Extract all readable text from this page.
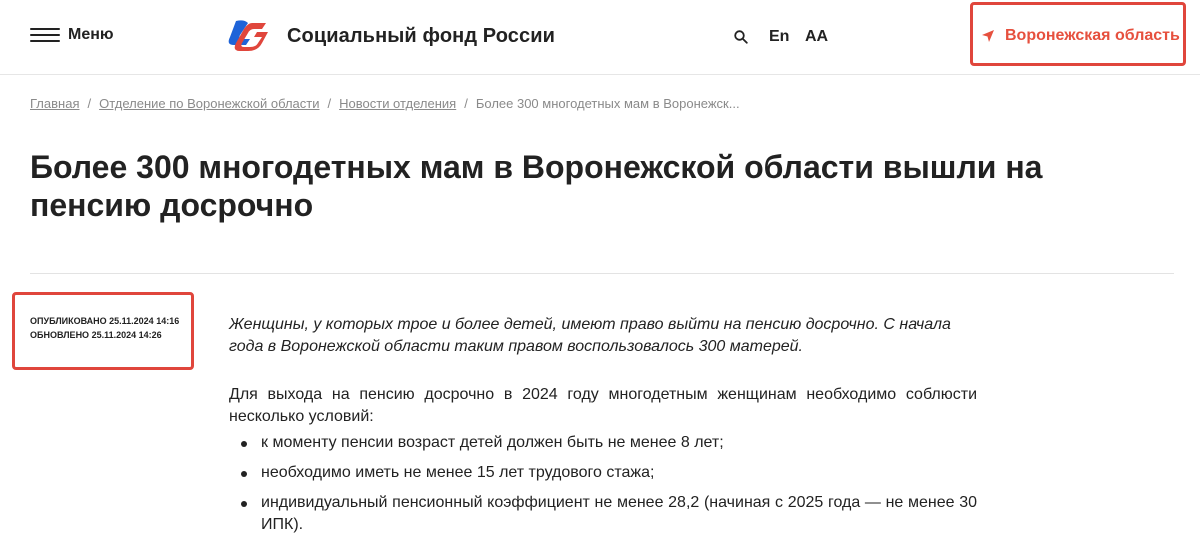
Меню	Социальный фонд России	En АА	Воронежская область
Главная / Отделение по Воронежской области / Новости отделения / Более 300 многодетных мам в Воронежск...
Более 300 многодетных мам в Воронежской области вышли на пенсию досрочно
ОПУБЛИКОВАНО 25.11.2024 14:16
ОБНОВЛЕНО 25.11.2024 14:26

Женщины, у которых трое и более детей, имеют право выйти на пенсию досрочно. С начала года в Воронежской области таким правом воспользовалось 300 матерей.

Для выхода на пенсию досрочно в 2024 году многодетным женщинам необходимо соблюсти несколько условий:

к моменту пенсии возраст детей должен быть не менее 8 лет;
необходимо иметь не менее 15 лет трудового стажа;
индивидуальный пенсионный коэффициент не менее 28,2 (начиная с 2025 года — не менее 30 ИПК).
